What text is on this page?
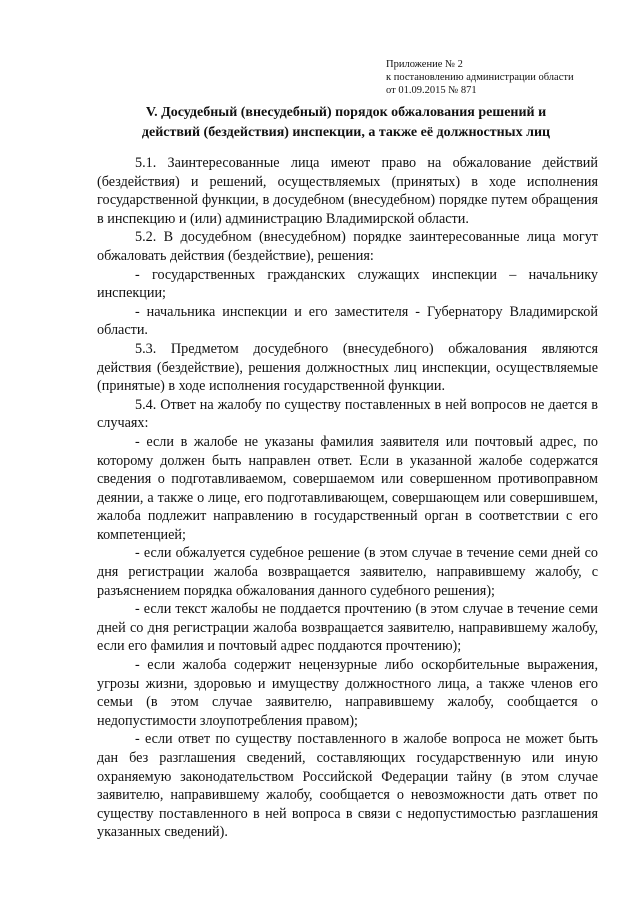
Приложение № 2
к постановлению администрации области
от 01.09.2015 № 871
V. Досудебный (внесудебный) порядок обжалования решений и
действий (бездействия) инспекции, а также её должностных лиц

5.1. Заинтересованные лица имеют право на обжалование действий (бездействия) и решений, осуществляемых (принятых) в ходе исполнения государственной функции, в досудебном (внесудебном) порядке путем обращения в инспекцию и (или) администрацию Владимирской области.

5.2. В досудебном (внесудебном) порядке заинтересованные лица могут обжаловать действия (бездействие), решения:

- государственных гражданских служащих инспекции – начальнику инспекции;

- начальника инспекции и его заместителя - Губернатору Владимирской области.

5.3. Предметом досудебного (внесудебного) обжалования являются действия (бездействие), решения должностных лиц инспекции, осуществляемые (принятые) в ходе исполнения государственной функции.

5.4. Ответ на жалобу по существу поставленных в ней вопросов не дается в случаях:

- если в жалобе не указаны фамилия заявителя или почтовый адрес, по которому должен быть направлен ответ. Если в указанной жалобе содержатся сведения о подготавливаемом, совершаемом или совершенном противоправном деянии, а также о лице, его подготавливающем, совершающем или совершившем, жалоба подлежит направлению в государственный орган в соответствии с его компетенцией;

- если обжалуется судебное решение (в этом случае в течение семи дней со дня регистрации жалоба возвращается заявителю, направившему жалобу, с разъяснением порядка обжалования данного судебного решения);

- если текст жалобы не поддается прочтению (в этом случае в течение семи дней со дня регистрации жалоба возвращается заявителю, направившему жалобу, если его фамилия и почтовый адрес поддаются прочтению);

- если жалоба содержит нецензурные либо оскорбительные выражения, угрозы жизни, здоровью и имуществу должностного лица, а также членов его семьи (в этом случае заявителю, направившему жалобу, сообщается о недопустимости злоупотребления правом);

- если ответ по существу поставленного в жалобе вопроса не может быть дан без разглашения сведений, составляющих государственную или иную охраняемую законодательством Российской Федерации тайну (в этом случае заявителю, направившему жалобу, сообщается о невозможности дать ответ по существу поставленного в ней вопроса в связи с недопустимостью разглашения указанных сведений).
